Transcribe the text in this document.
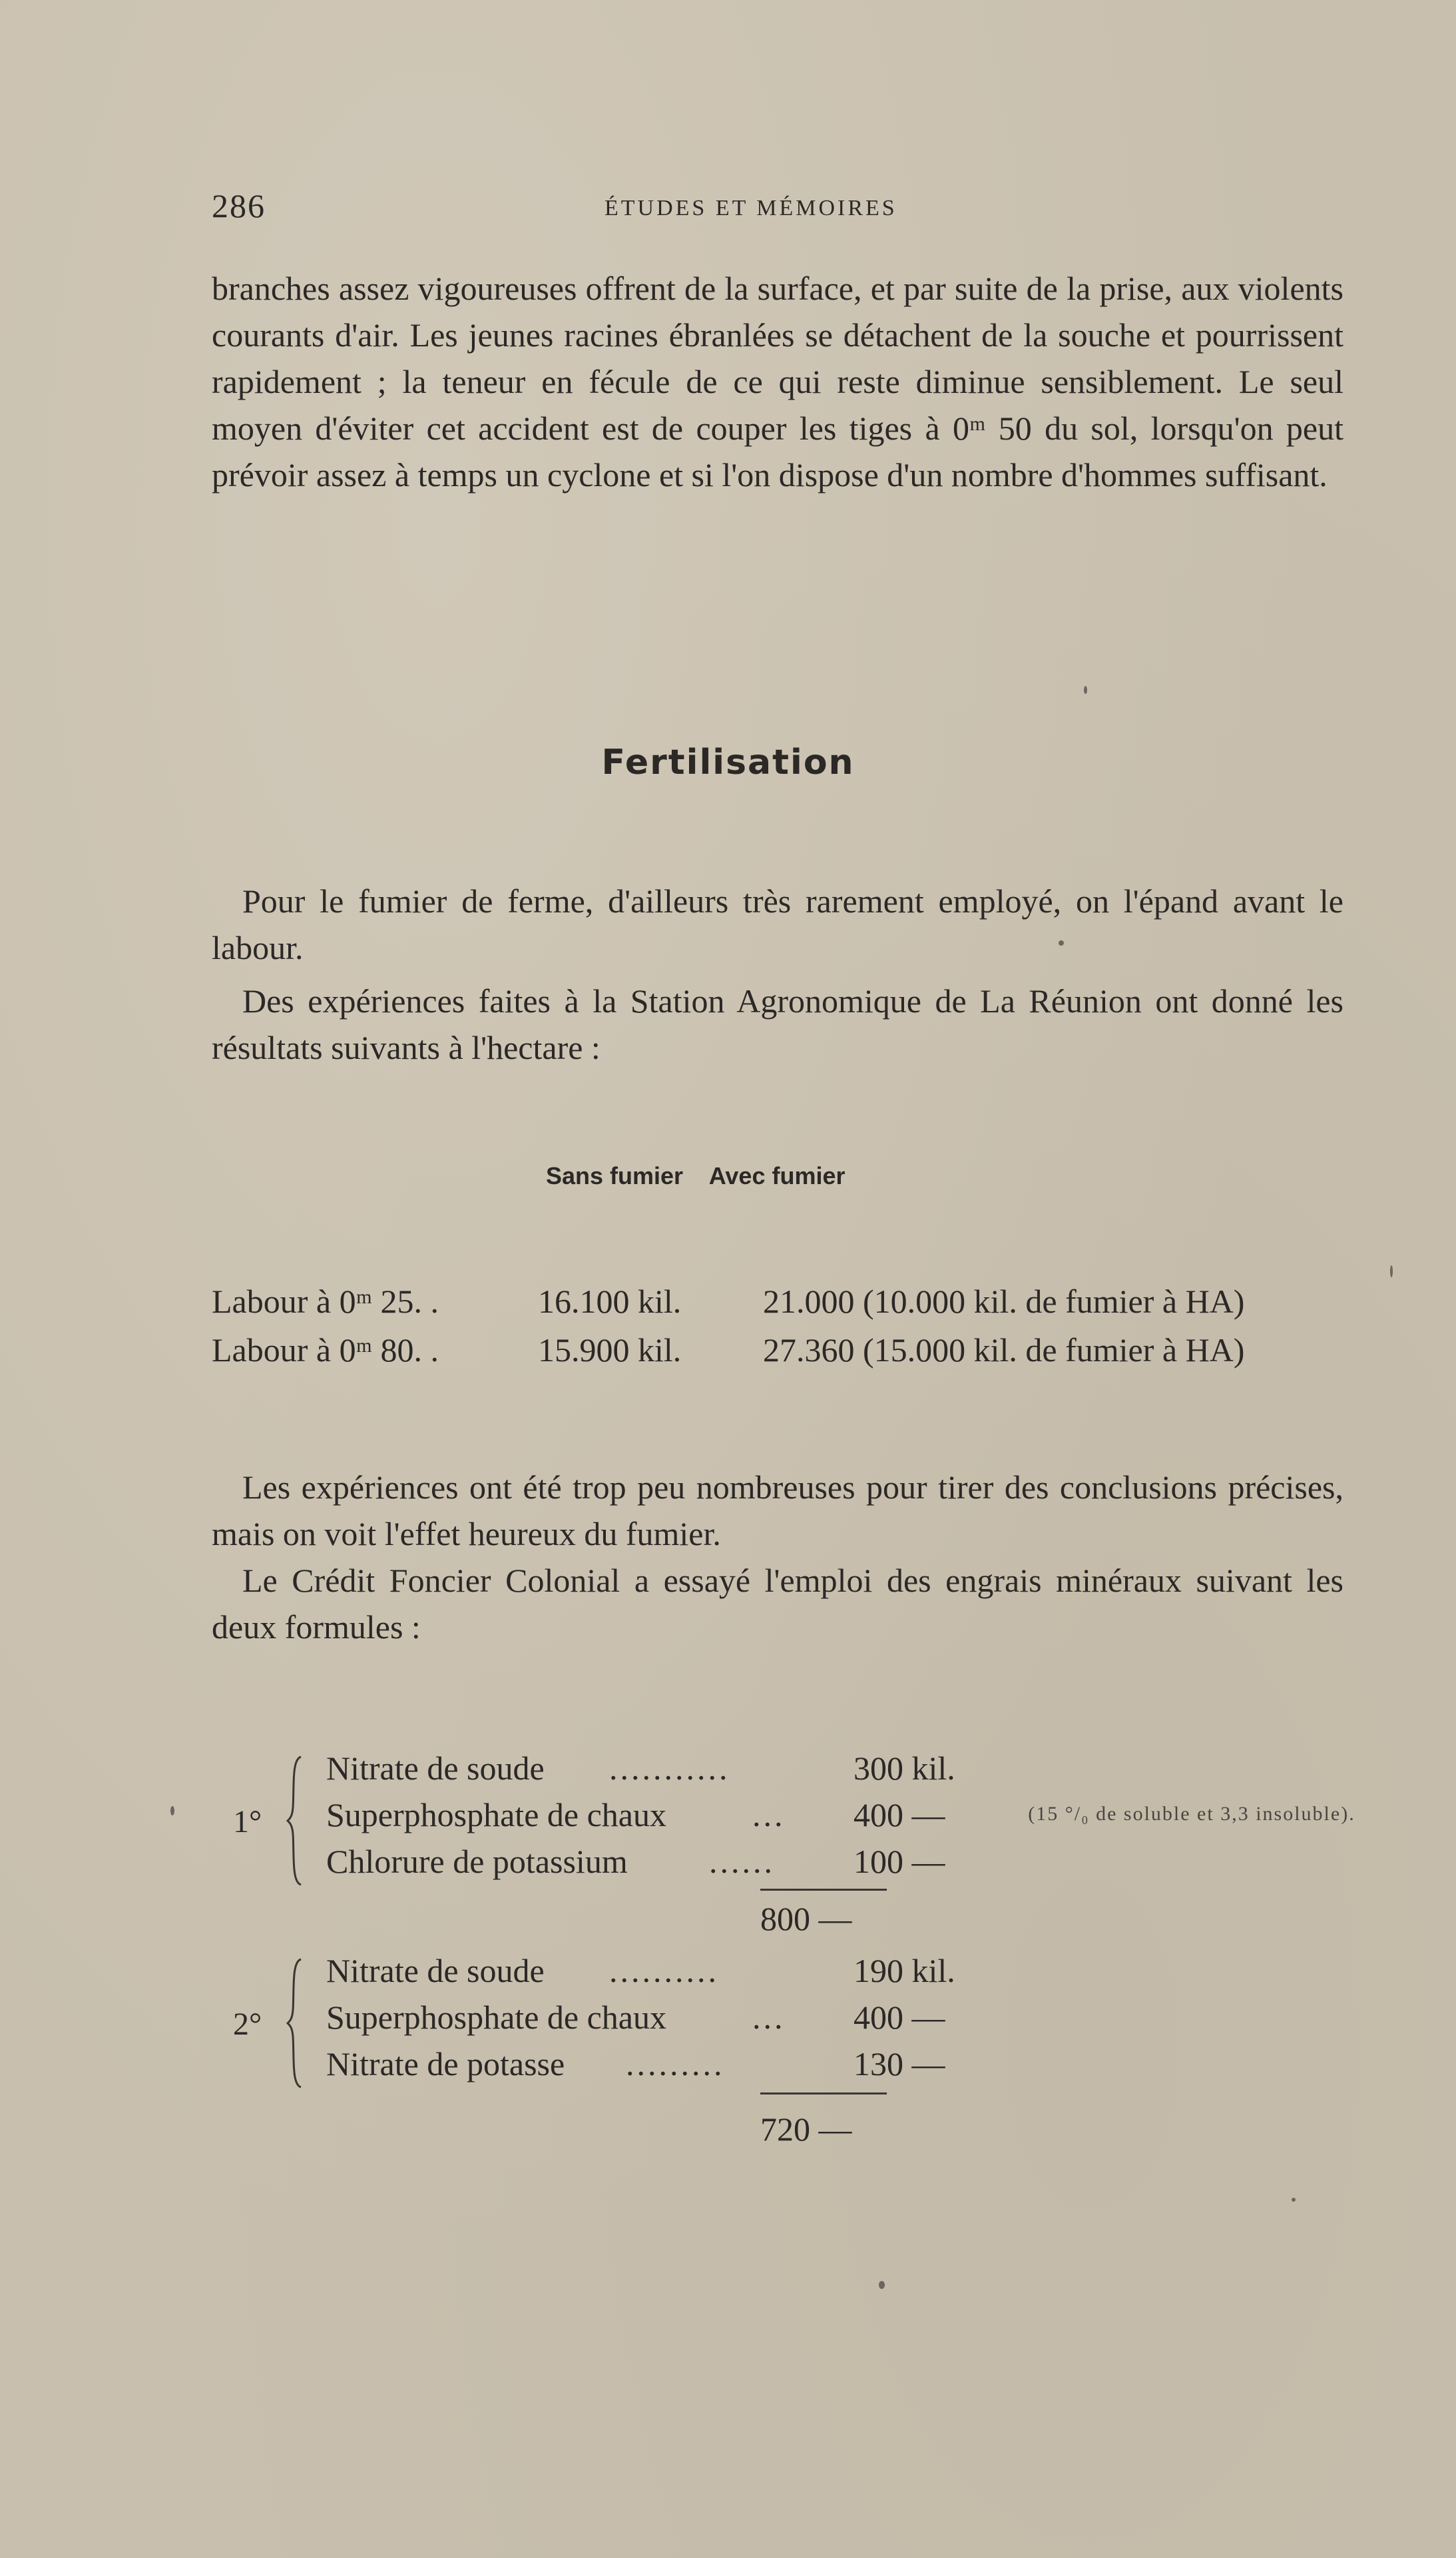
286	ÉTUDES ET MÉMOIRES

branches assez vigoureuses offrent de la surface, et par suite de la prise, aux violents courants d'air. Les jeunes racines ébranlées se détachent de la souche et pourrissent rapidement ; la teneur en fécule de ce qui reste diminue sensiblement. Le seul moyen d'éviter cet accident est de couper les tiges à 0ᵐ 50 du sol, lorsqu'on peut prévoir assez à temps un cyclone et si l'on dispose d'un nombre d'hommes suffisant.

Fertilisation

Pour le fumier de ferme, d'ailleurs très rarement employé, on l'épand avant le labour.

Des expériences faites à la Station Agronomique de La Réunion ont donné les résultats suivants à l'hectare :

Sans fumier Avec fumier
Labour à 0ᵐ 25. .	16.100 kil. 21.000 (10.000 kil. de fumier à HA)
Labour à 0ᵐ 80. .	15.900 kil. 27.360 (15.000 kil. de fumier à HA)

Les expériences ont été trop peu nombreuses pour tirer des conclusions précises, mais on voit l'effet heureux du fumier.

Le Crédit Foncier Colonial a essayé l'emploi des engrais minéraux suivant les deux formules :

1°
Nitrate de soude ...........	300 kil.
Superphosphate de chaux	... 400 —
Chlorure de potassium ...... 100 —
800 —
(15 °/₀ de soluble et 3,3 insoluble).
2°
Nitrate de soude ..........	190 kil.
Superphosphate de chaux	... 400 —
Nitrate de potasse .........	130 —
720 —
